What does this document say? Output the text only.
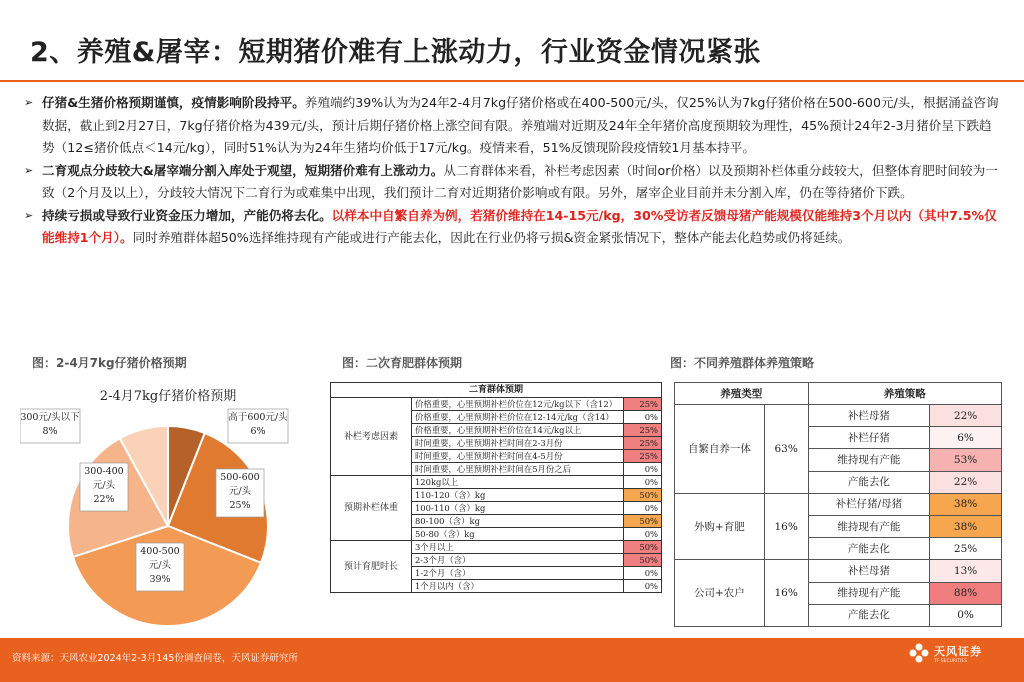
2、养殖&屠宰：短期猪价难有上涨动力，行业资金情况紧张
➢ 仔猪&生猪价格预期谨慎，疫情影响阶段持平。养殖端约39%认为为24年2-4月7kg仔猪价格或在400-500元/头，仅25%认为7kg仔猪价格在500-600元/头，根据涌益咨询数据，截止到2月27日，7kg仔猪价格为439元/头，预计后期仔猪价格上涨空间有限。养殖端对近期及24年全年猪价高度预期较为理性，45%预计24年2-3月猪价呈下跌趋势（12≤猪价低点＜14元/kg），同时51%认为为24年生猪均价低于17元/kg。疫情来看，51%反馈现阶段疫情较1月基本持平。
➢ 二育观点分歧较大&屠宰端分割入库处于观望，短期猪价难有上涨动力。从二育群体来看，补栏考虑因素（时间or价格）以及预期补栏体重分歧较大，但整体育肥时间较为一致（2个月及以上），分歧较大情况下二育行为或难集中出现，我们预计二育对近期猪价影响或有限。另外，屠宰企业目前并未分割入库，仍在等待猪价下跌。
➢ 持续亏损或导致行业资金压力增加，产能仍将去化。以样本中自繁自养为例，若猪价维持在14-15元/kg，30%受访者反馈母猪产能规模仅能维持3个月以内（其中7.5%仅能维持1个月）。同时养殖群体超50%选择维持现有产能或进行产能去化，因此在行业仍将亏损&资金紧张情况下，整体产能去化趋势或仍将延续。
图：2-4月7kg仔猪价格预期	图：二次育肥群体预期	图：不同养殖群体养殖策略
2-4月7kg仔猪价格预期
高于600元/头
6%
500-600
元/头
25%
400-500
元/头
39%
300-400
元/头
22%
300元/头以下
8%
二育群体预期		
补栏考虑因素	价格重要，心里预期补栏价位在12元/kg以下（含12）	25%
	价格重要，心里预期补栏价位在12-14元/kg（含14）	0%
	价格重要，心里预期补栏价位在14元/kg以上	25%
	时间重要，心里预期补栏时间在2-3月份	25%
	时间重要，心里预期补栏时间在4-5月份	25%
	时间重要，心里预期补栏时间在5月份之后	0%
预期补栏体重	120kg以上	0%
	110-120（含）kg	50%
	100-110（含）kg	0%
	80-100（含）kg	50%
	50-80（含）kg	0%
预计育肥时长	3个月以上	50%
	2-3个月（含）	50%
	1-2个月（含）	0%
	1个月以内（含）	0%
养殖类型		养殖策略	
自繁自养一体	63%	补栏母猪	22%
		补栏仔猪	6%
		维持现有产能	53%
		产能去化	22%
外购+育肥	16%	补栏仔猪/母猪	38%
		维持现有产能	38%
		产能去化	25%
公司+农户	16%	补栏母猪	13%
		维持现有产能	88%
		产能去化	0%
资料来源：天风农业2024年2-3月145份调查问卷，天风证券研究所
天风证券
TF SECURITIES
